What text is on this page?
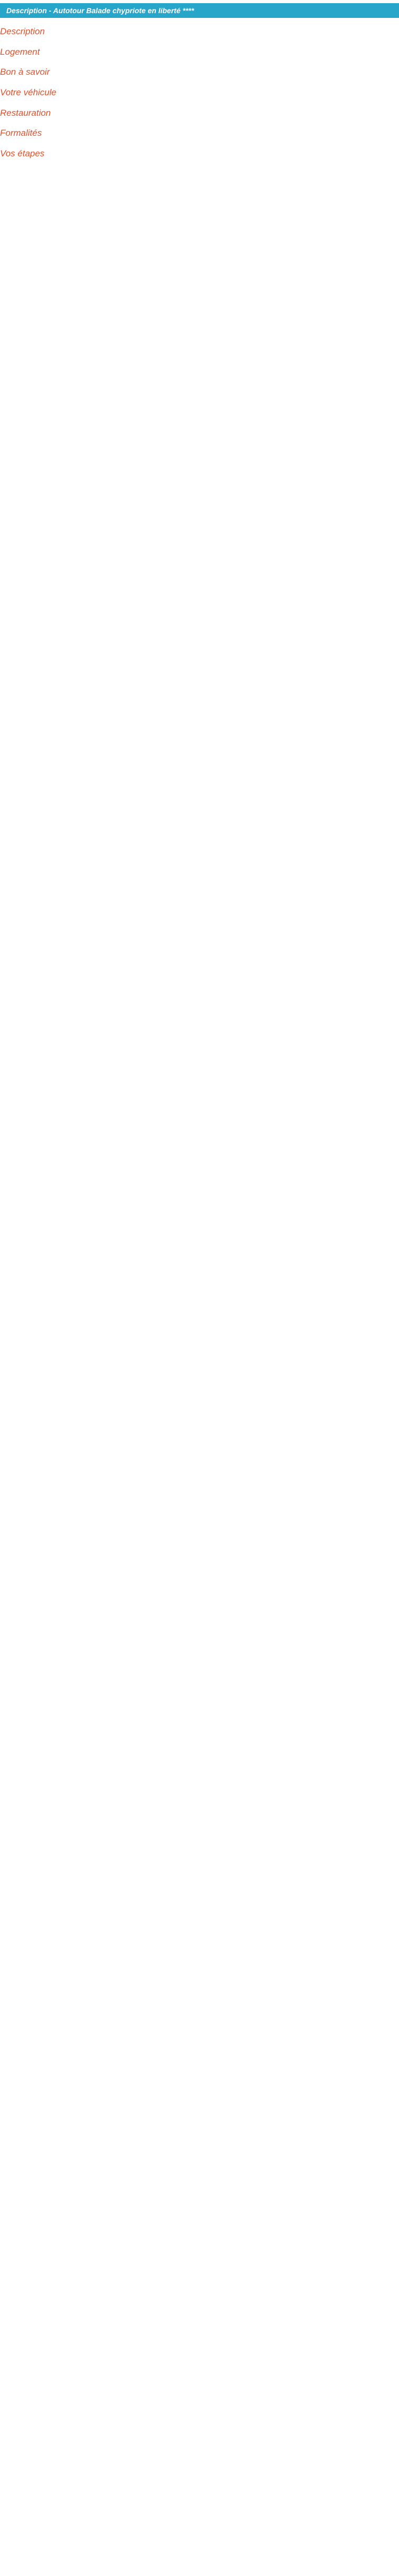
Description - Autotour Balade chypriote en liberté ****
Description
Logement
Bon à savoir
Votre véhicule
Restauration
Formalités
Vos étapes
